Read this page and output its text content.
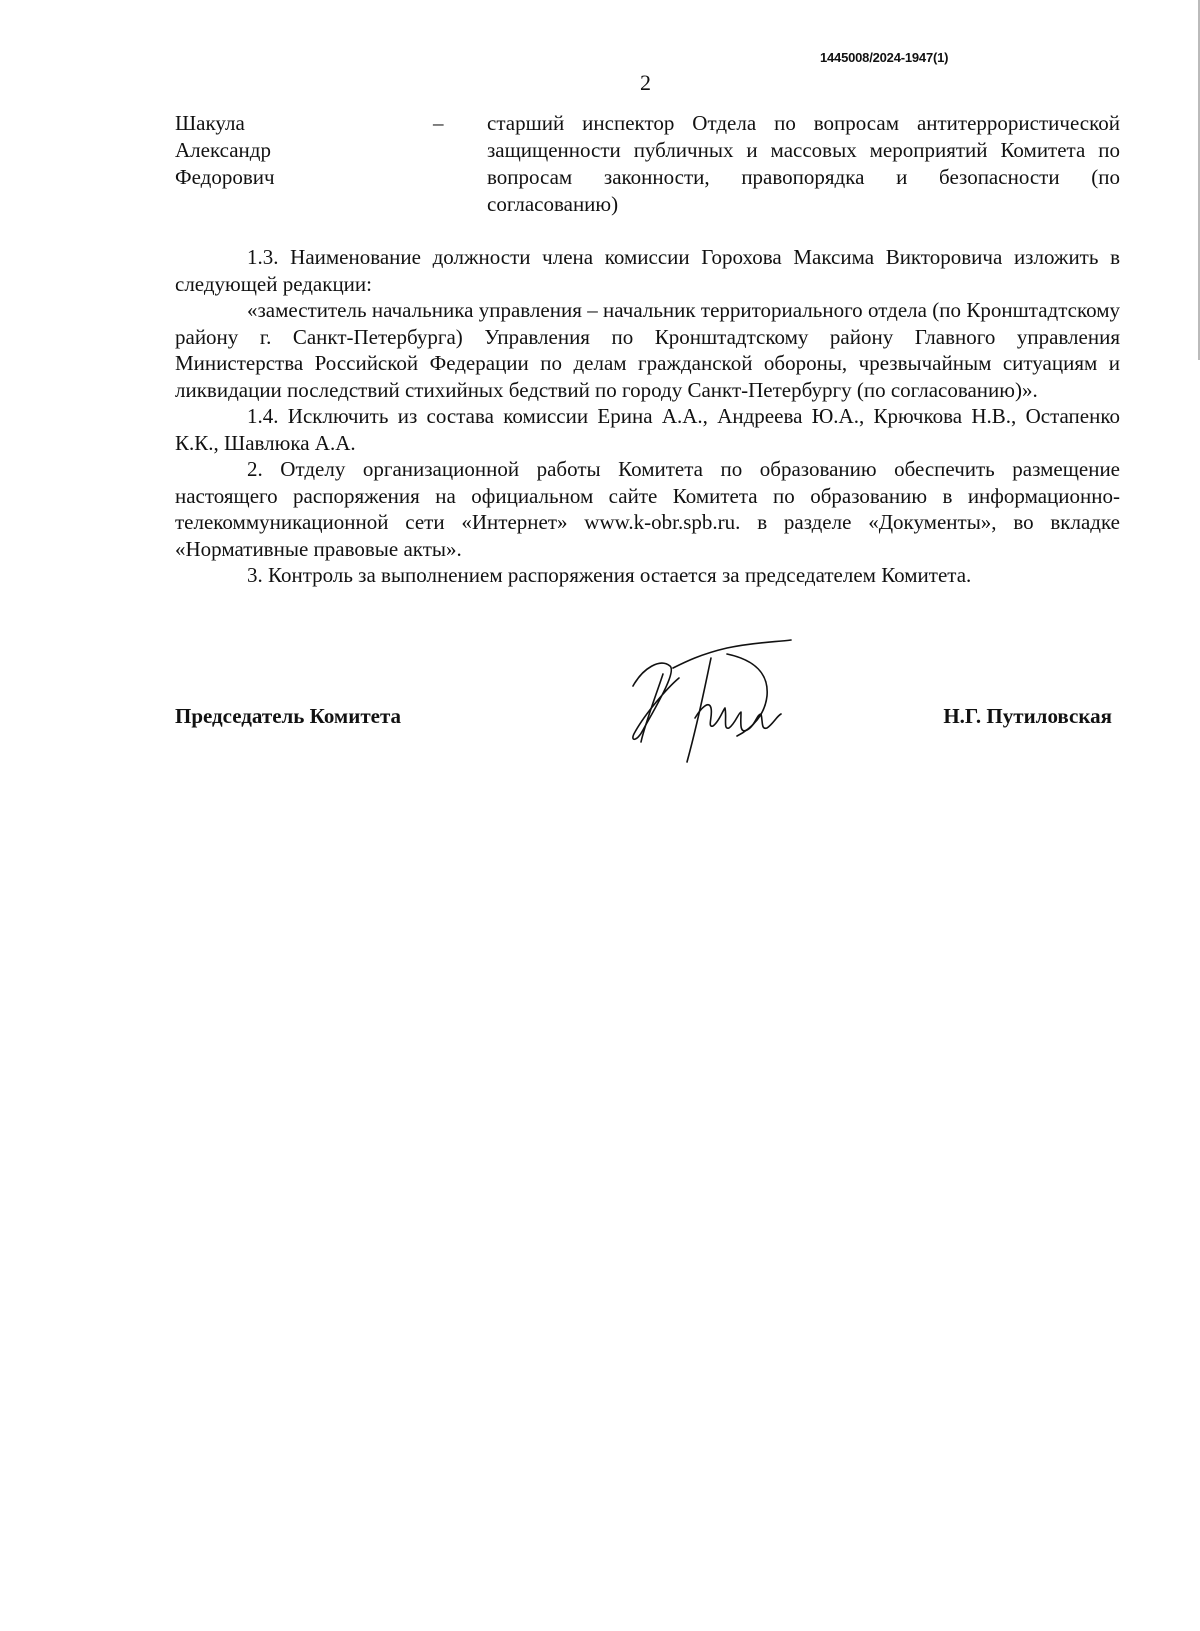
1445008/2024-1947(1)
2
Шакула
Александр
Федорович
– старший инспектор Отдела по вопросам антитеррористической защищенности публичных и массовых мероприятий Комитета по вопросам законности, правопорядка и безопасности (по согласованию)

1.3. Наименование должности члена комиссии Горохова Максима Викторовича изложить в следующей редакции:

«заместитель начальника управления – начальник территориального отдела (по Кронштадтскому району г. Санкт-Петербурга) Управления по Кронштадтскому району Главного управления Министерства Российской Федерации по делам гражданской обороны, чрезвычайным ситуациям и ликвидации последствий стихийных бедствий по городу Санкт-Петербургу (по согласованию)».

1.4. Исключить из состава комиссии Ерина А.А., Андреева Ю.А., Крючкова Н.В., Остапенко К.К., Шавлюка А.А.

2. Отделу организационной работы Комитета по образованию обеспечить размещение настоящего распоряжения на официальном сайте Комитета по образованию в информационно-телекоммуникационной сети «Интернет» www.k-obr.spb.ru. в разделе «Документы», во вкладке «Нормативные правовые акты».

3. Контроль за выполнением распоряжения остается за председателем Комитета.

Председатель Комитета	Н.Г. Путиловская
